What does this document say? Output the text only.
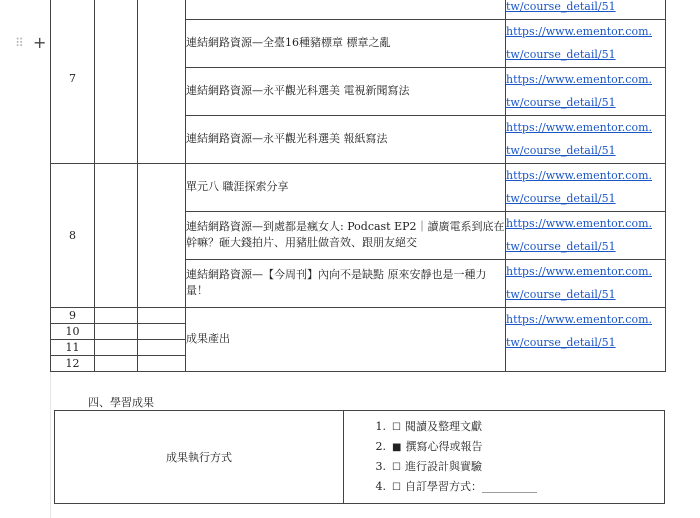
⠿ +
7				tw/course_detail/51
			連結網路資源—全臺16種豬標章 標章之亂	https://www.ementor.com.
tw/course_detail/51
			連結網路資源—永平觀光科選美 電視新聞寫法	https://www.ementor.com.
tw/course_detail/51
			連結網路資源—永平觀光科選美 報紙寫法	https://www.ementor.com.
tw/course_detail/51
8			單元八 職涯探索分享	https://www.ementor.com.
tw/course_detail/51
			連結網路資源—到處都是瘋女人: Podcast EP2｜讀廣電系到底在幹嘛？砸大錢拍片、用豬肚做音效、跟朋友絕交	https://www.ementor.com.
tw/course_detail/51
			連結網路資源—【今周刊】內向不是缺點 原來安靜也是一種力量！	https://www.ementor.com.
tw/course_detail/51
9			成果產出	https://www.ementor.com.
tw/course_detail/51
10				
11				
12				
四、學習成果
成果執行方式	
1. ☐ 閱讀及整理文獻
2. ■ 撰寫心得或報告
3. ☐ 進行設計與實驗
4. ☐ 自訂學習方式：__________
